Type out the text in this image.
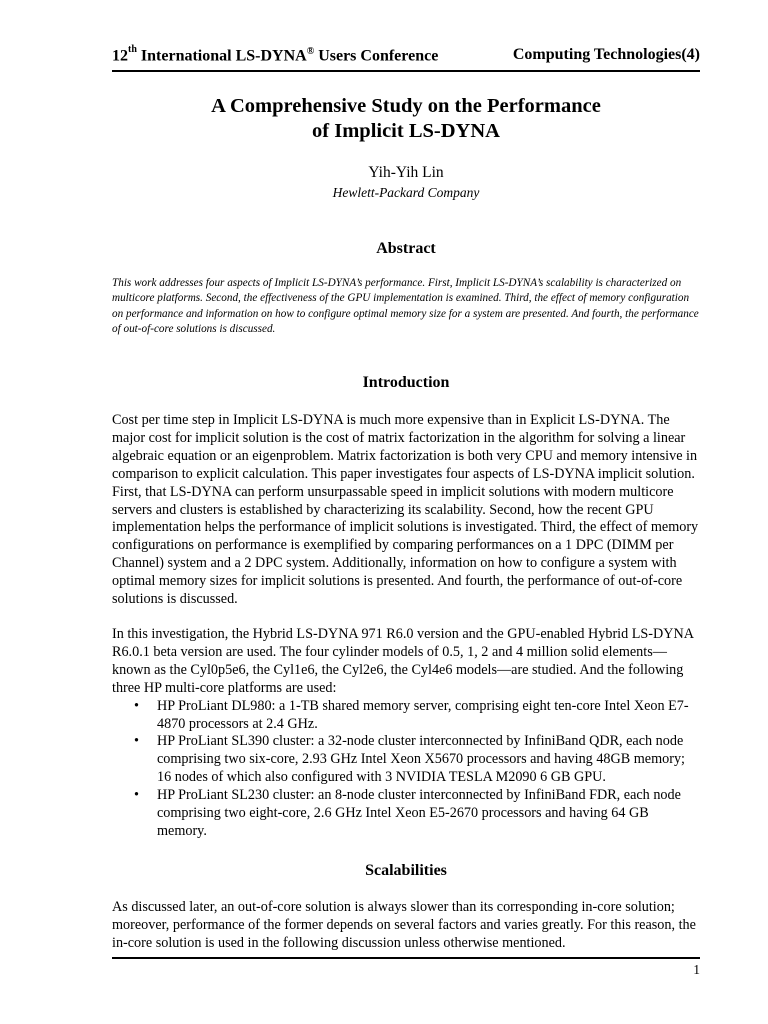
12th International LS-DYNA® Users Conference	Computing Technologies(4)
A Comprehensive Study on the Performance
of Implicit LS-DYNA
Yih-Yih Lin
Hewlett-Packard Company
Abstract
This work addresses four aspects of Implicit LS-DYNA’s performance. First, Implicit LS-DYNA’s scalability is characterized on multicore platforms. Second, the effectiveness of the GPU implementation is examined. Third, the effect of memory configuration on performance and information on how to configure optimal memory size for a system are presented. And fourth, the performance of out-of-core solutions is discussed.
Introduction

Cost per time step in Implicit LS-DYNA is much more expensive than in Explicit LS-DYNA. The major cost for implicit solution is the cost of matrix factorization in the algorithm for solving a linear algebraic equation or an eigenproblem. Matrix factorization is both very CPU and memory intensive in comparison to explicit calculation. This paper investigates four aspects of LS-DYNA implicit solution. First, that LS-DYNA can perform unsurpassable speed in implicit solutions with modern multicore servers and clusters is established by characterizing its scalability. Second, how the recent GPU implementation helps the performance of implicit solutions is investigated. Third, the effect of memory configurations on performance is exemplified by comparing performances on a 1 DPC (DIMM per Channel) system and a 2 DPC system. Additionally, information on how to configure a system with optimal memory sizes for implicit solutions is presented. And fourth, the performance of out-of-core solutions is discussed.

In this investigation, the Hybrid LS-DYNA 971 R6.0 version and the GPU-enabled Hybrid LS-DYNA R6.0.1 beta version are used. The four cylinder models of 0.5, 1, 2 and 4 million solid elements—known as the Cyl0p5e6, the Cyl1e6, the Cyl2e6, the Cyl4e6 models—are studied. And the following three HP multi-core platforms are used:

• HP ProLiant DL980: a 1-TB shared memory server, comprising eight ten-core Intel Xeon E7-4870 processors at 2.4 GHz.
• HP ProLiant SL390 cluster: a 32-node cluster interconnected by InfiniBand QDR, each node comprising two six-core, 2.93 GHz Intel Xeon X5670 processors and having 48GB memory; 16 nodes of which also configured with 3 NVIDIA TESLA M2090 6 GB GPU.
• HP ProLiant SL230 cluster: an 8-node cluster interconnected by InfiniBand FDR, each node comprising two eight-core, 2.6 GHz Intel Xeon E5-2670 processors and having 64 GB memory.
Scalabilities

As discussed later, an out-of-core solution is always slower than its corresponding in-core solution; moreover, performance of the former depends on several factors and varies greatly. For this reason, the in-core solution is used in the following discussion unless otherwise mentioned.

1
